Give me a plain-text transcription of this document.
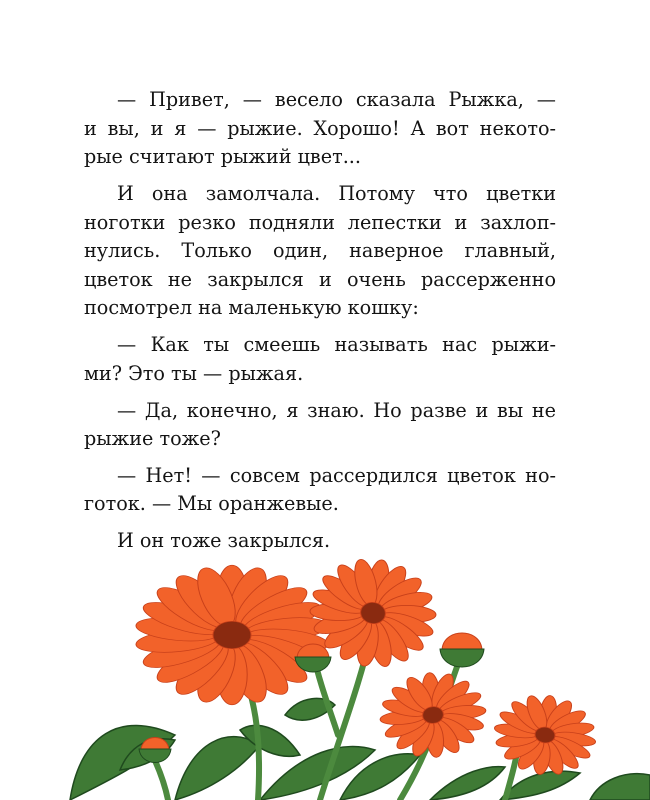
— Привет, — весело сказала Рыжка, —
и вы, и я — рыжие. Хорошо! А вот некото-
рые считают рыжий цвет...

И она замолчала. Потому что цветки
ноготки резко подняли лепестки и захлоп-
нулись. Только один, наверное главный,
цветок не закрылся и очень рассерженно
посмотрел на маленькую кошку:

— Как ты смеешь называть нас рыжи-
ми? Это ты — рыжая.

— Да, конечно, я знаю. Но разве и вы не
рыжие тоже?

— Нет! — совсем рассердился цветок но-
готок. — Мы оранжевые.

И он тоже закрылся.
